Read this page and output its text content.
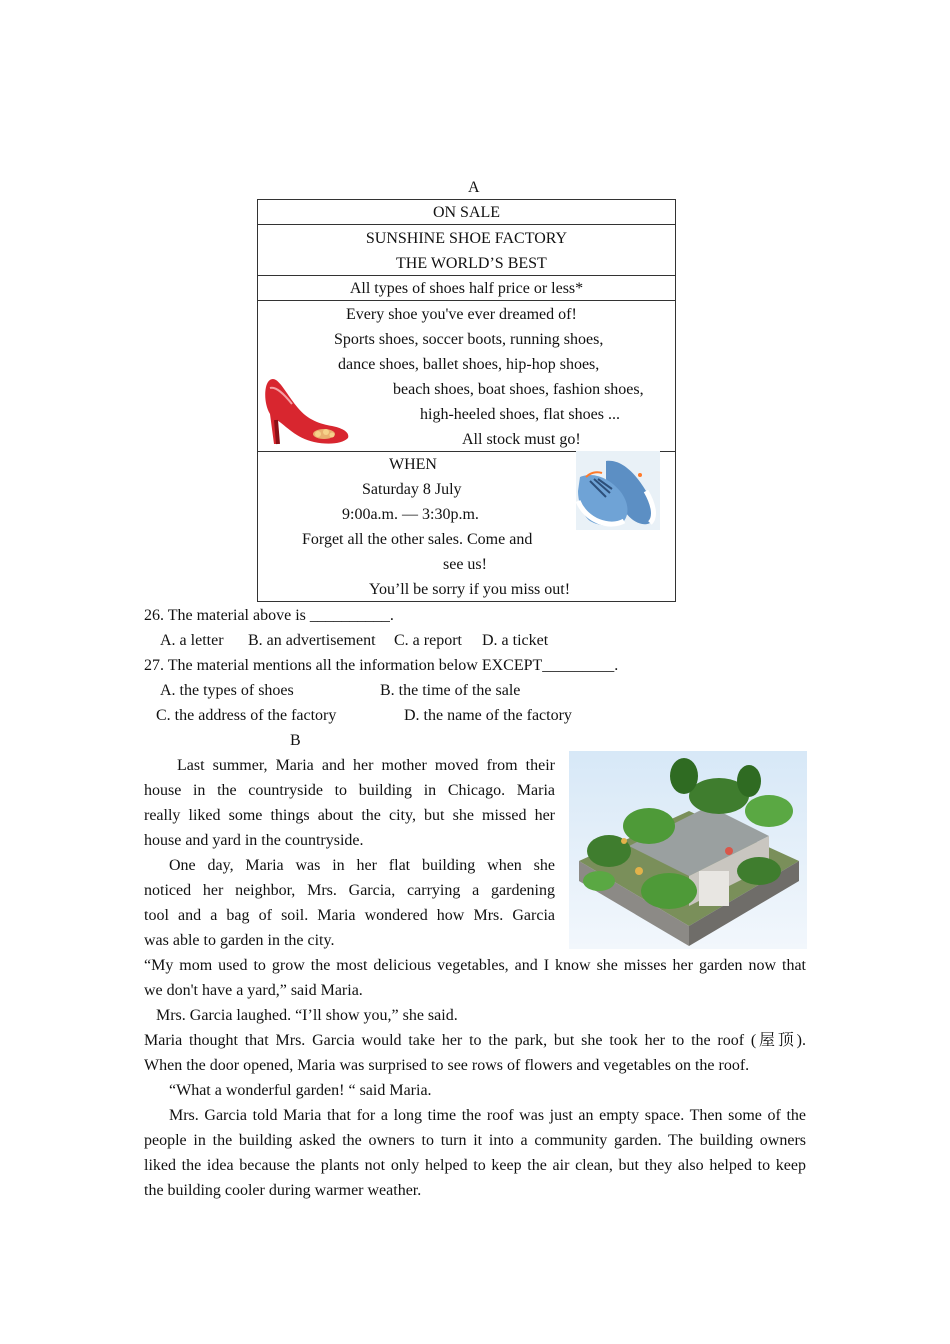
A
ON SALE
SUNSHINE SHOE FACTORY
THE WORLD’S BEST
All types of shoes half price or less*
Every shoe you've ever dreamed of!
Sports shoes, soccer boots, running shoes,
dance shoes, ballet shoes, hip-hop shoes,
beach shoes, boat shoes, fashion shoes,
high-heeled shoes, flat shoes ...
All stock must go!
WHEN
Saturday 8 July
9:00a.m. — 3:30p.m.
Forget all the other sales. Come and
see us!
You’ll be sorry if you miss out!
26. The material above is __________.
A. a letter B. an advertisement C. a report D. a ticket
27. The material mentions all the information below EXCEPT_________.
A. the types of shoes	B. the time of the sale
C. the address of the factory	D. the name of the factory
B
Last summer, Maria and her mother moved from their
house in the countryside to building in Chicago. Maria
really liked some things about the city, but she missed her
house and yard in the countryside.
One day, Maria was in her flat building when she
noticed her neighbor, Mrs. Garcia, carrying a gardening
tool and a bag of soil. Maria wondered how Mrs. Garcia
was able to garden in the city.
“My mom used to grow the most delicious vegetables, and I know she misses her garden now that
we don't have a yard,” said Maria.
Mrs. Garcia laughed. “I’ll show you,” she said.
Maria thought that Mrs. Garcia would take her to the park, but she took her to the roof (屋顶).
When the door opened, Maria was surprised to see rows of flowers and vegetables on the roof.
“What a wonderful garden! “ said Maria.
Mrs. Garcia told Maria that for a long time the roof was just an empty space. Then some of the
people in the building asked the owners to turn it into a community garden. The building owners
liked the idea because the plants not only helped to keep the air clean, but they also helped to keep
the building cooler during warmer weather.
